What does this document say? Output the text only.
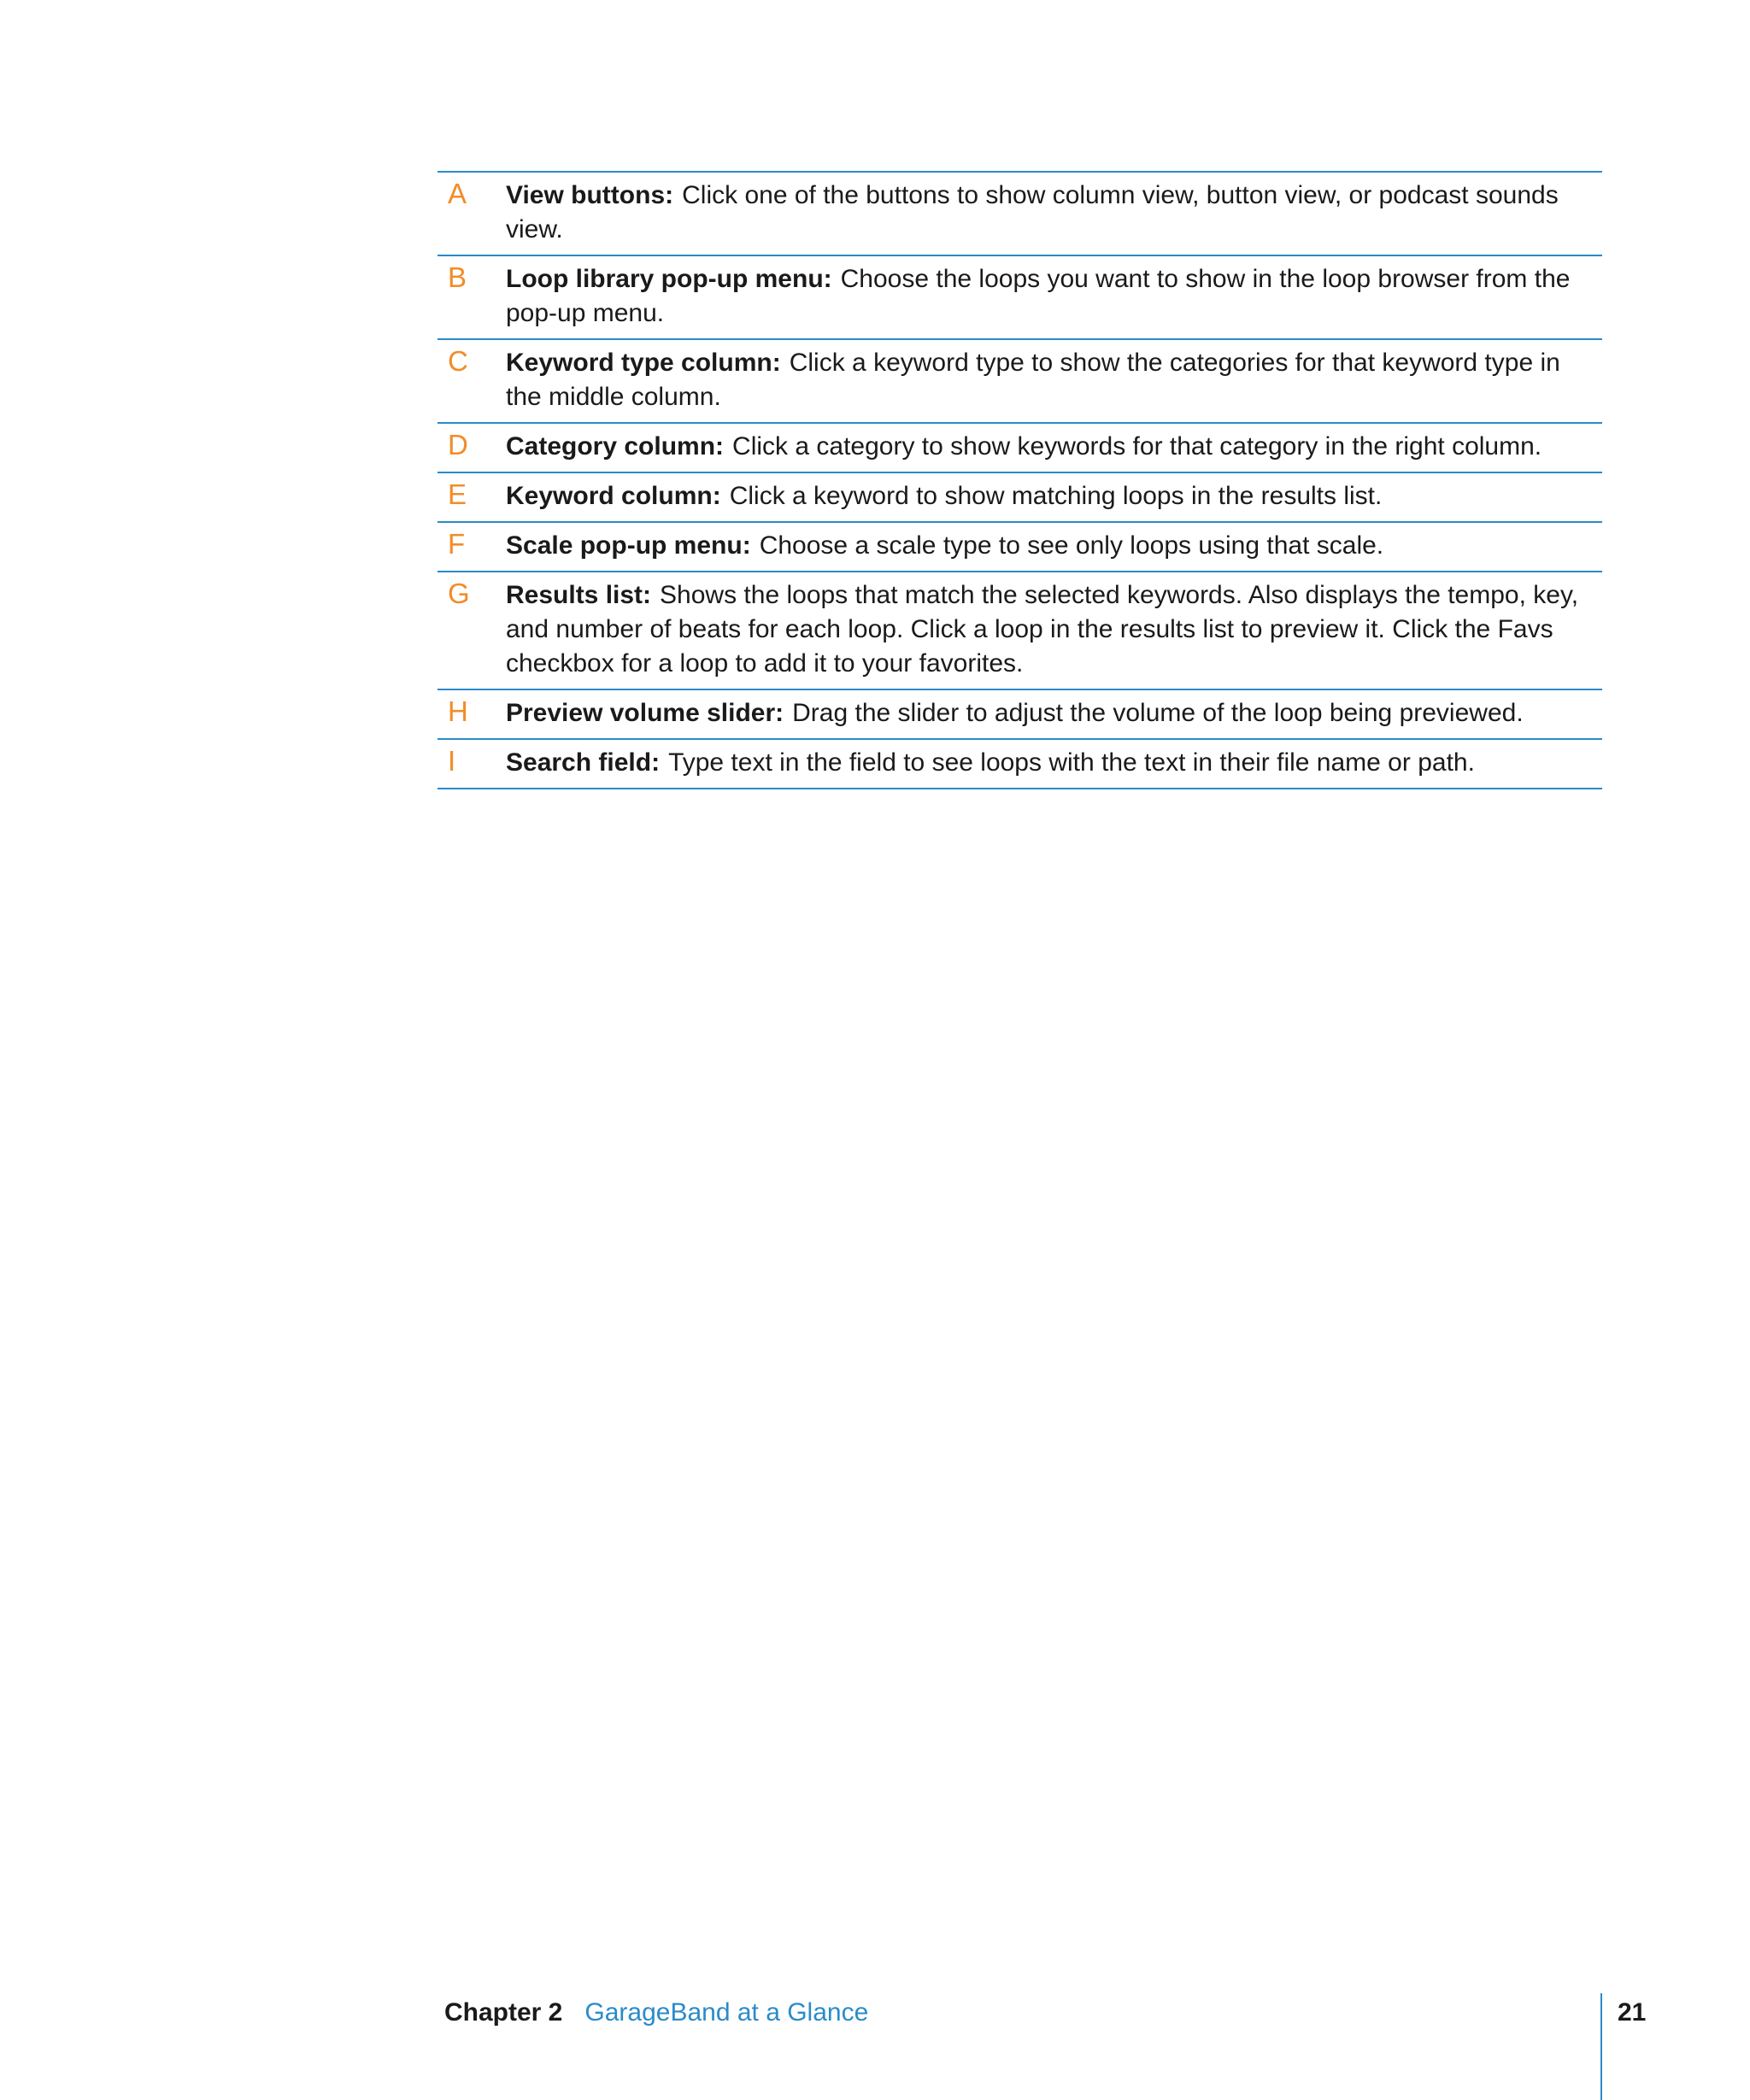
A	View buttons: Click one of the buttons to show column view, button view, or podcast sounds view.
B	Loop library pop-up menu: Choose the loops you want to show in the loop browser from the pop-up menu.
C	Keyword type column: Click a keyword type to show the categories for that keyword type in the middle column.
D	Category column: Click a category to show keywords for that category in the right column.
E	Keyword column: Click a keyword to show matching loops in the results list.
F	Scale pop-up menu: Choose a scale type to see only loops using that scale.
G	Results list: Shows the loops that match the selected keywords. Also displays the tempo, key, and number of beats for each loop. Click a loop in the results list to preview it. Click the Favs checkbox for a loop to add it to your favorites.
H	Preview volume slider: Drag the slider to adjust the volume of the loop being previewed.
I	Search field: Type text in the field to see loops with the text in their file name or path.
Chapter 2 GarageBand at a Glance	21
